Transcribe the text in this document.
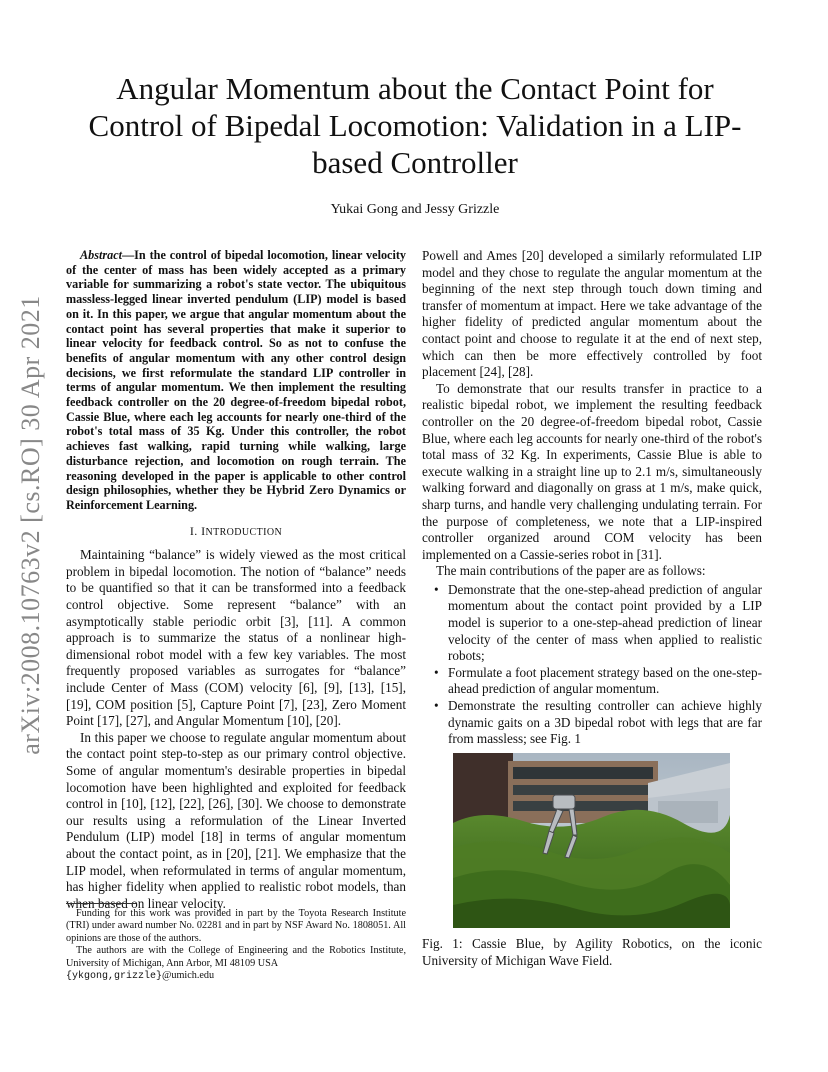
arXiv:2008.10763v2 [cs.RO] 30 Apr 2021
Angular Momentum about the Contact Point for Control of Bipedal Locomotion: Validation in a LIP-based Controller
Yukai Gong and Jessy Grizzle

Abstract—In the control of bipedal locomotion, linear velocity of the center of mass has been widely accepted as a primary variable for summarizing a robot's state vector. The ubiquitous massless-legged linear inverted pendulum (LIP) model is based on it. In this paper, we argue that angular momentum about the contact point has several properties that make it superior to linear velocity for feedback control. So as not to confuse the benefits of angular momentum with any other control design decisions, we first reformulate the standard LIP controller in terms of angular momentum. We then implement the resulting feedback controller on the 20 degree-of-freedom bipedal robot, Cassie Blue, where each leg accounts for nearly one-third of the robot's total mass of 35 Kg. Under this controller, the robot achieves fast walking, rapid turning while walking, large disturbance rejection, and locomotion on rough terrain. The reasoning developed in the paper is applicable to other control design philosophies, whether they be Hybrid Zero Dynamics or Reinforcement Learning.

I. INTRODUCTION

Maintaining “balance” is widely viewed as the most critical problem in bipedal locomotion. The notion of “balance” needs to be quantified so that it can be transformed into a feedback control objective. Some represent “balance” with an asymptotically stable periodic orbit [3], [11]. A common approach is to summarize the status of a nonlinear high-dimensional robot model with a few key variables. The most frequently proposed variables as surrogates for “balance” include Center of Mass (COM) velocity [6], [9], [13], [15], [19], COM position [5], Capture Point [7], [23], Zero Moment Point [17], [27], and Angular Momentum [10], [20].

In this paper we choose to regulate angular momentum about the contact point step-to-step as our primary control objective. Some of angular momentum's desirable properties in bipedal locomotion have been highlighted and exploited for feedback control in [10], [12], [22], [26], [30]. We choose to demonstrate our results using a reformulation of the Linear Inverted Pendulum (LIP) model [18] in terms of angular momentum about the contact point, as in [20], [21]. We emphasize that the LIP model, when reformulated in terms of angular momentum, has higher fidelity when applied to realistic robot models, than when based on linear velocity.

Powell and Ames [20] developed a similarly reformulated LIP model and they chose to regulate the angular momentum at the beginning of the next step through touch down timing and transfer of momentum at impact. Here we take advantage of the higher fidelity of predicted angular momentum about the contact point and choose to regulate it at the end of next step, which can then be more effectively controlled by foot placement [24], [28].

To demonstrate that our results transfer in practice to a realistic bipedal robot, we implement the resulting feedback controller on the 20 degree-of-freedom bipedal robot, Cassie Blue, where each leg accounts for nearly one-third of the robot's total mass of 32 Kg. In experiments, Cassie Blue is able to execute walking in a straight line up to 2.1 m/s, simultaneously walking forward and diagonally on grass at 1 m/s, make quick, sharp turns, and handle very challenging undulating terrain. For the purpose of completeness, we note that a LIP-inspired controller organized around COM velocity has been implemented on a Cassie-series robot in [31].

The main contributions of the paper are as follows:

• Demonstrate that the one-step-ahead prediction of angular momentum about the contact point provided by a LIP model is superior to a one-step-ahead prediction of linear velocity of the center of mass when applied to realistic robots;
• Formulate a foot placement strategy based on the one-step-ahead prediction of angular momentum.
• Demonstrate the resulting controller can achieve highly dynamic gaits on a 3D bipedal robot with legs that are far from massless; see Fig. 1
Fig. 1: Cassie Blue, by Agility Robotics, on the iconic University of Michigan Wave Field.

Funding for this work was provided in part by the Toyota Research Institute (TRI) under award number No. 02281 and in part by NSF Award No. 1808051. All opinions are those of the authors.

The authors are with the College of Engineering and the Robotics Institute, University of Michigan, Ann Arbor, MI 48109 USA
{ykgong,grizzle}@umich.edu
